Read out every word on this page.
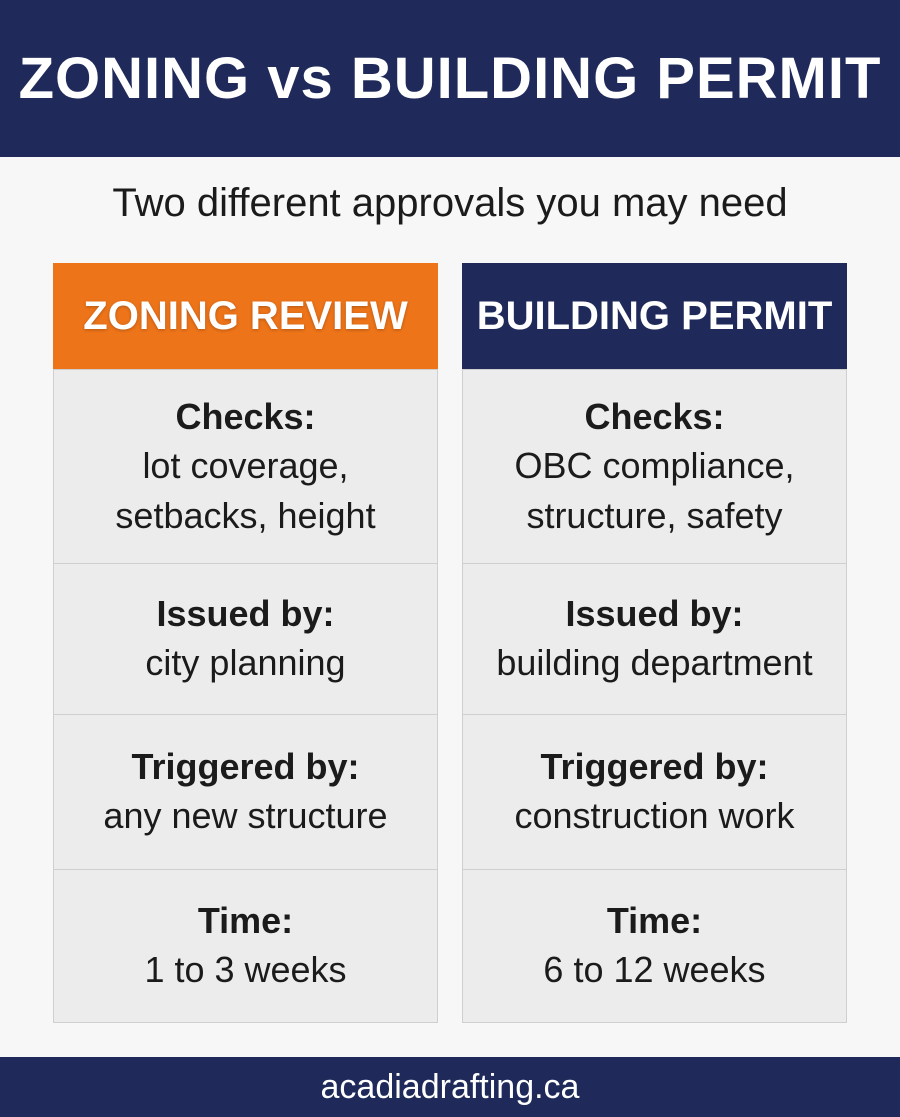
ZONING vs BUILDING PERMIT
Two different approvals you may need
ZONING REVIEW
Checks:
lot coverage,
setbacks, height
Issued by:
city planning
Triggered by:
any new structure
Time:
1 to 3 weeks
BUILDING PERMIT
Checks:
OBC compliance,
structure, safety
Issued by:
building department
Triggered by:
construction work
Time:
6 to 12 weeks
acadiadrafting.ca
